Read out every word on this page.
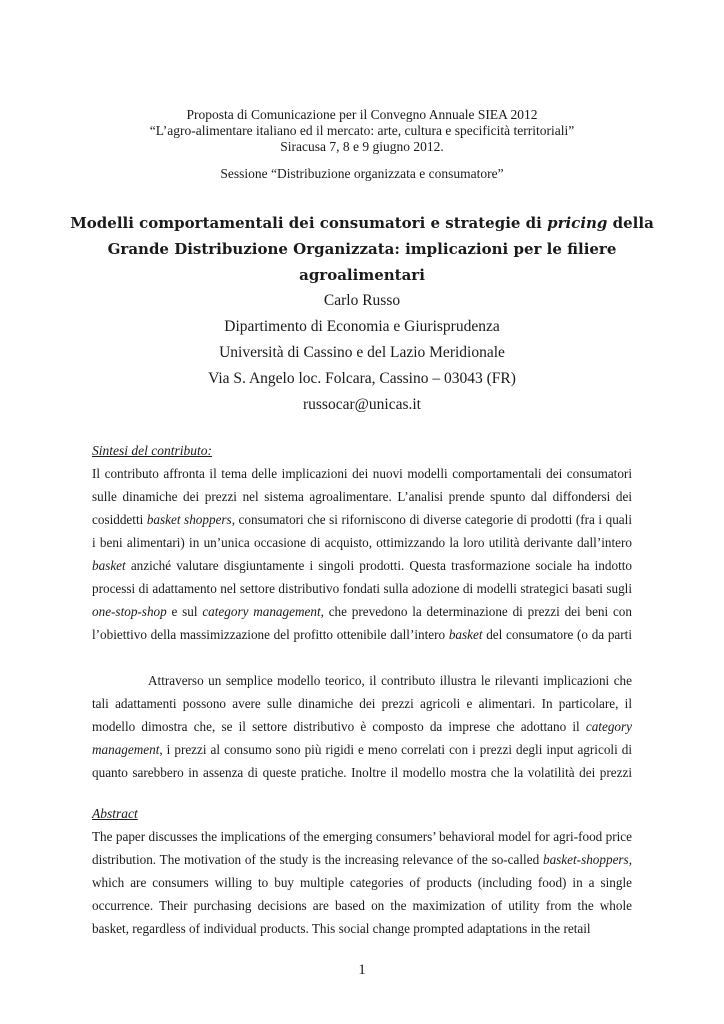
Proposta di Comunicazione per il Convegno Annuale SIEA 2012
“L’agro-alimentare italiano ed il mercato: arte, cultura e specificità territoriali”
Siracusa 7, 8 e 9 giugno 2012.
Sessione “Distribuzione organizzata e consumatore”
Modelli comportamentali dei consumatori e strategie di pricing della Grande Distribuzione Organizzata: implicazioni per le filiere agroalimentari
Carlo Russo
Dipartimento di Economia e Giurisprudenza
Università di Cassino e del Lazio Meridionale
Via S. Angelo loc. Folcara, Cassino – 03043 (FR)
russocar@unicas.it
Sintesi del contributo:

Il contributo affronta il tema delle implicazioni dei nuovi modelli comportamentali dei consumatori sulle dinamiche dei prezzi nel sistema agroalimentare. L’analisi prende spunto dal diffondersi dei cosiddetti basket shoppers, consumatori che si riforniscono di diverse categorie di prodotti (fra i quali i beni alimentari) in un’unica occasione di acquisto, ottimizzando la loro utilità derivante dall’intero basket anziché valutare disgiuntamente i singoli prodotti. Questa trasformazione sociale ha indotto processi di adattamento nel settore distributivo fondati sulla adozione di modelli strategici basati sugli one-stop-shop e sul category management, che prevedono la determinazione di prezzi dei beni con l’obiettivo della massimizzazione del profitto ottenibile dall’intero basket del consumatore (o da parti

Attraverso un semplice modello teorico, il contributo illustra le rilevanti implicazioni che tali adattamenti possono avere sulle dinamiche dei prezzi agricoli e alimentari. In particolare, il modello dimostra che, se il settore distributivo è composto da imprese che adottano il category management, i prezzi al consumo sono più rigidi e meno correlati con i prezzi degli input agricoli di quanto sarebbero in assenza di queste pratiche. Inoltre il modello mostra che la volatilità dei prezzi

Abstract

The paper discusses the implications of the emerging consumers’ behavioral model for agri-food price distribution. The motivation of the study is the increasing relevance of the so-called basket-shoppers, which are consumers willing to buy multiple categories of products (including food) in a single occurrence. Their purchasing decisions are based on the maximization of utility from the whole basket, regardless of individual products. This social change prompted adaptations in the retail

1
